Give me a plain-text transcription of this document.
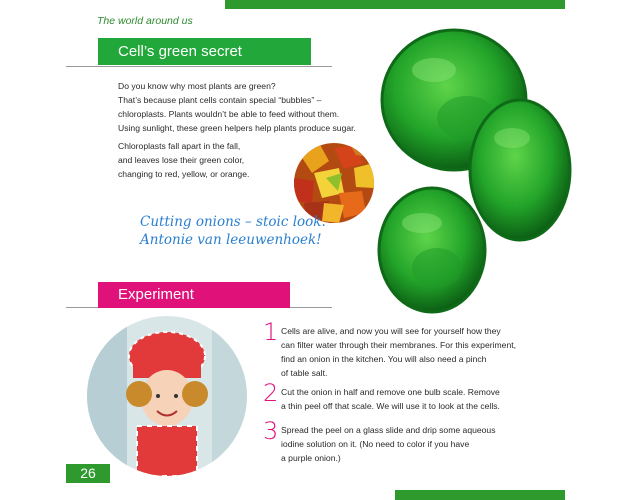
The world around us
Cell’s green secret
Do you know why most plants are green?
That’s because plant cells contain special “bubbles” –
chloroplasts. Plants wouldn’t be able to feed without them.
Using sunlight, these green helpers help plants produce sugar.
Chloroplasts fall apart in the fall,
and leaves lose their green color,
changing to red, yellow, or orange.
Cutting onions – stoic look.
Antonie van leeuwenhoek!
Experiment
1 Cells are alive, and now you will see for yourself how they
can filter water through their membranes. For this experiment,
find an onion in the kitchen. You will also need a pinch
of table salt.
2 Cut the onion in half and remove one bulb scale. Remove
a thin peel off that scale. We will use it to look at the cells.
3 Spread the peel on a glass slide and drip some aqueous
iodine solution on it. (No need to color if you have
a purple onion.)
26
